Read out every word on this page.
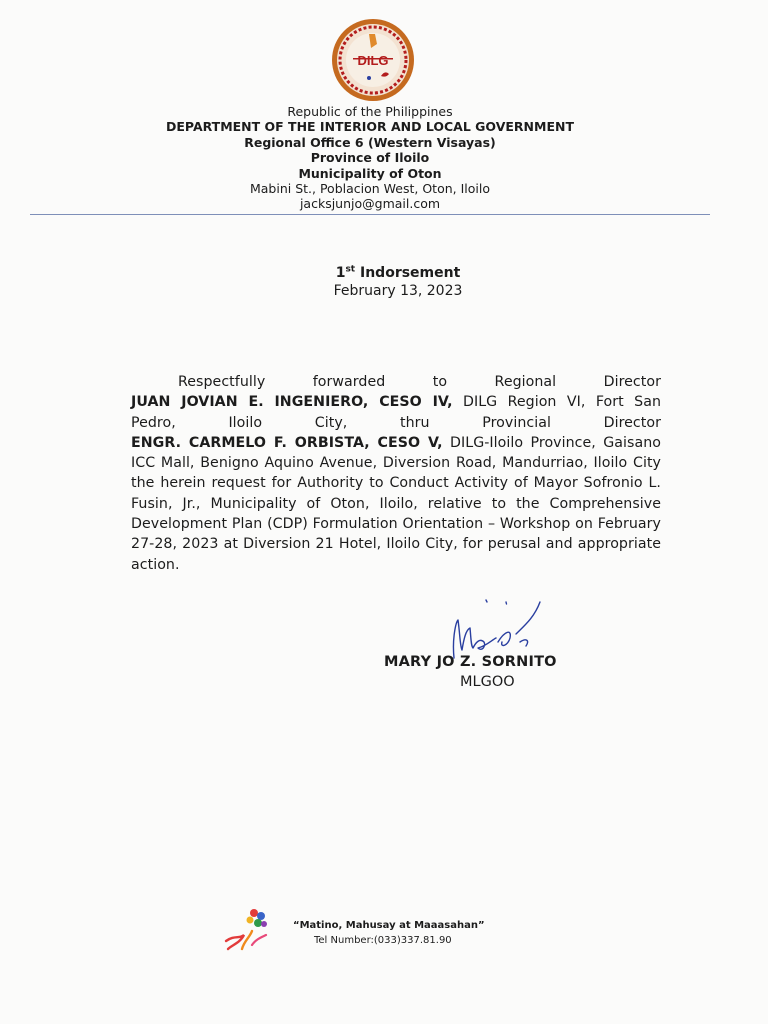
DILG
Republic of the Philippines
DEPARTMENT OF THE INTERIOR AND LOCAL GOVERNMENT
Regional Office 6 (Western Visayas)
Province of Iloilo
Municipality of Oton
Mabini St., Poblacion West, Oton, Iloilo
jacksjunjo@gmail.com
1st Indorsement
February 13, 2023
Respectfully forwarded to Regional Director
JUAN JOVIAN E. INGENIERO, CESO IV, DILG Region VI, Fort San
Pedro, Iloilo City, thru Provincial Director
ENGR. CARMELO F. ORBISTA, CESO V, DILG-Iloilo Province, Gaisano ICC Mall, Benigno Aquino Avenue, Diversion Road, Mandurriao, Iloilo City the herein request for Authority to Conduct Activity of Mayor Sofronio L. Fusin, Jr., Municipality of Oton, Iloilo, relative to the Comprehensive Development Plan (CDP) Formulation Orientation – Workshop on February 27-28, 2023 at Diversion 21 Hotel, Iloilo City, for perusal and appropriate action.
MARY JO Z. SORNITO
MLGOO
“Matino, Mahusay at Maaasahan”
Tel Number:(033)337.81.90
